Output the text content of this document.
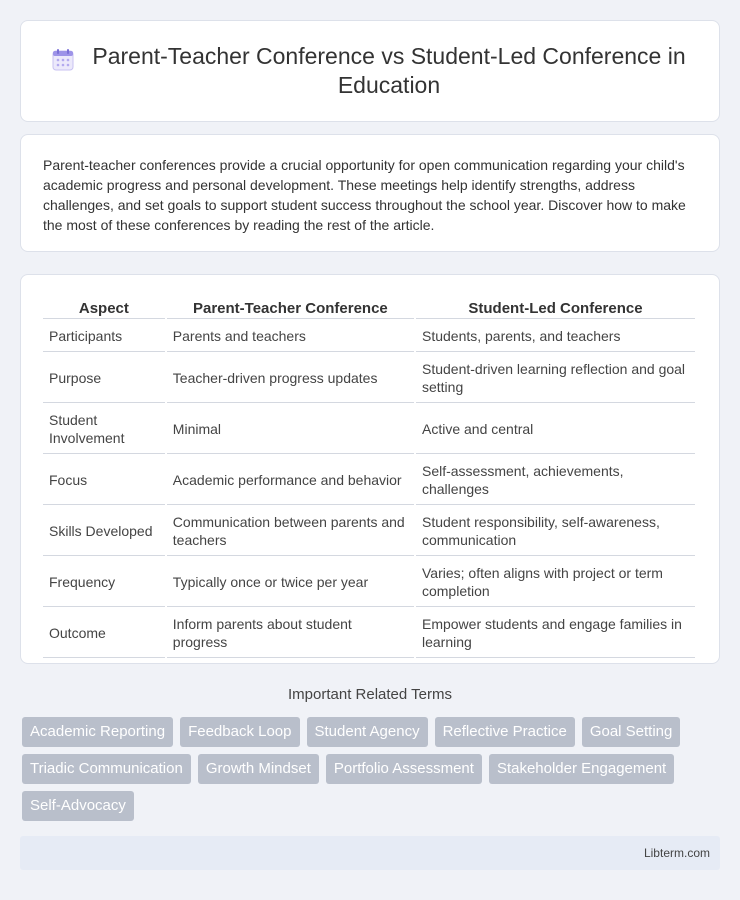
Parent-Teacher Conference vs Student-Led Conference in Education

Parent-teacher conferences provide a crucial opportunity for open communication regarding your child's academic progress and personal development. These meetings help identify strengths, address challenges, and set goals to support student success throughout the school year. Discover how to make the most of these conferences by reading the rest of the article.

Aspect	Parent-Teacher Conference	Student-Led Conference
Participants	Parents and teachers	Students, parents, and teachers
Purpose	Teacher-driven progress updates	Student-driven learning reflection and goal setting
Student Involvement	Minimal	Active and central
Focus	Academic performance and behavior	Self-assessment, achievements, challenges
Skills Developed	Communication between parents and teachers	Student responsibility, self-awareness, communication
Frequency	Typically once or twice per year	Varies; often aligns with project or term completion
Outcome	Inform parents about student progress	Empower students and engage families in learning
Important Related Terms
Academic Reporting	Feedback Loop	Student Agency	Reflective Practice	Goal Setting
Triadic Communication	Growth Mindset	Portfolio Assessment	Stakeholder Engagement
Self-Advocacy
Libterm.com
